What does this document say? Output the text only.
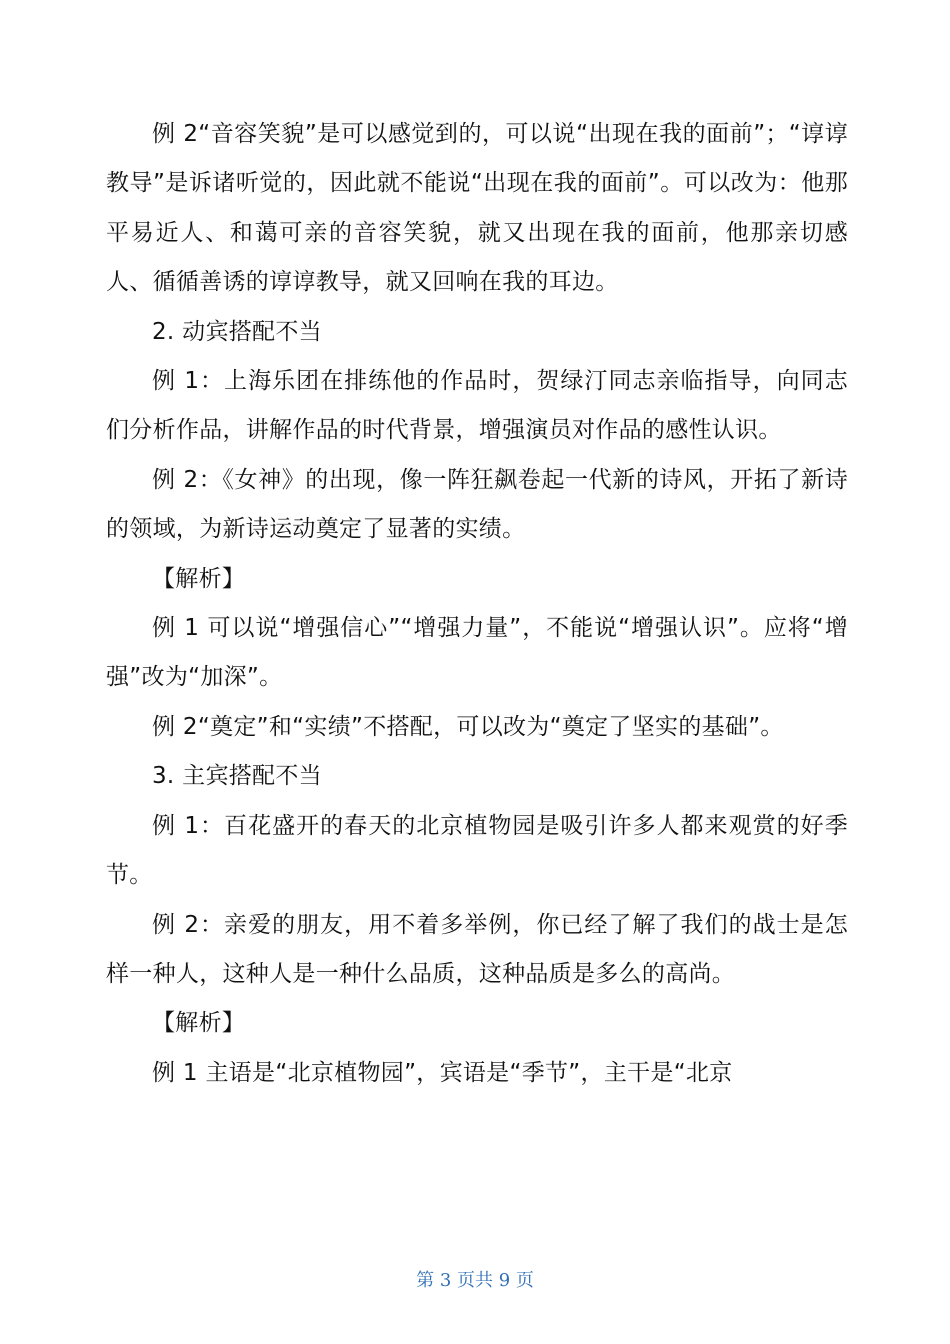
例 2“音容笑貌”是可以感觉到的，可以说“出现在我的面前”；“谆谆教导”是诉诸听觉的，因此就不能说“出现在我的面前”。可以改为：他那平易近人、和蔼可亲的音容笑貌，就又出现在我的面前，他那亲切感人、循循善诱的谆谆教导，就又回响在我的耳边。

2. 动宾搭配不当

例 1：上海乐团在排练他的作品时，贺绿汀同志亲临指导，向同志们分析作品，讲解作品的时代背景，增强演员对作品的感性认识。

例 2：《女神》的出现，像一阵狂飙卷起一代新的诗风，开拓了新诗的领域，为新诗运动奠定了显著的实绩。

【解析】

例 1 可以说“增强信心”“增强力量”，不能说“增强认识”。应将“增强”改为“加深”。

例 2“奠定”和“实绩”不搭配，可以改为“奠定了坚实的基础”。

3. 主宾搭配不当

例 1：百花盛开的春天的北京植物园是吸引许多人都来观赏的好季节。

例 2：亲爱的朋友，用不着多举例，你已经了解了我们的战士是怎样一种人，这种人是一种什么品质，这种品质是多么的高尚。

【解析】

例 1 主语是“北京植物园”，宾语是“季节”，主干是“北京

第 3 页共 9 页
